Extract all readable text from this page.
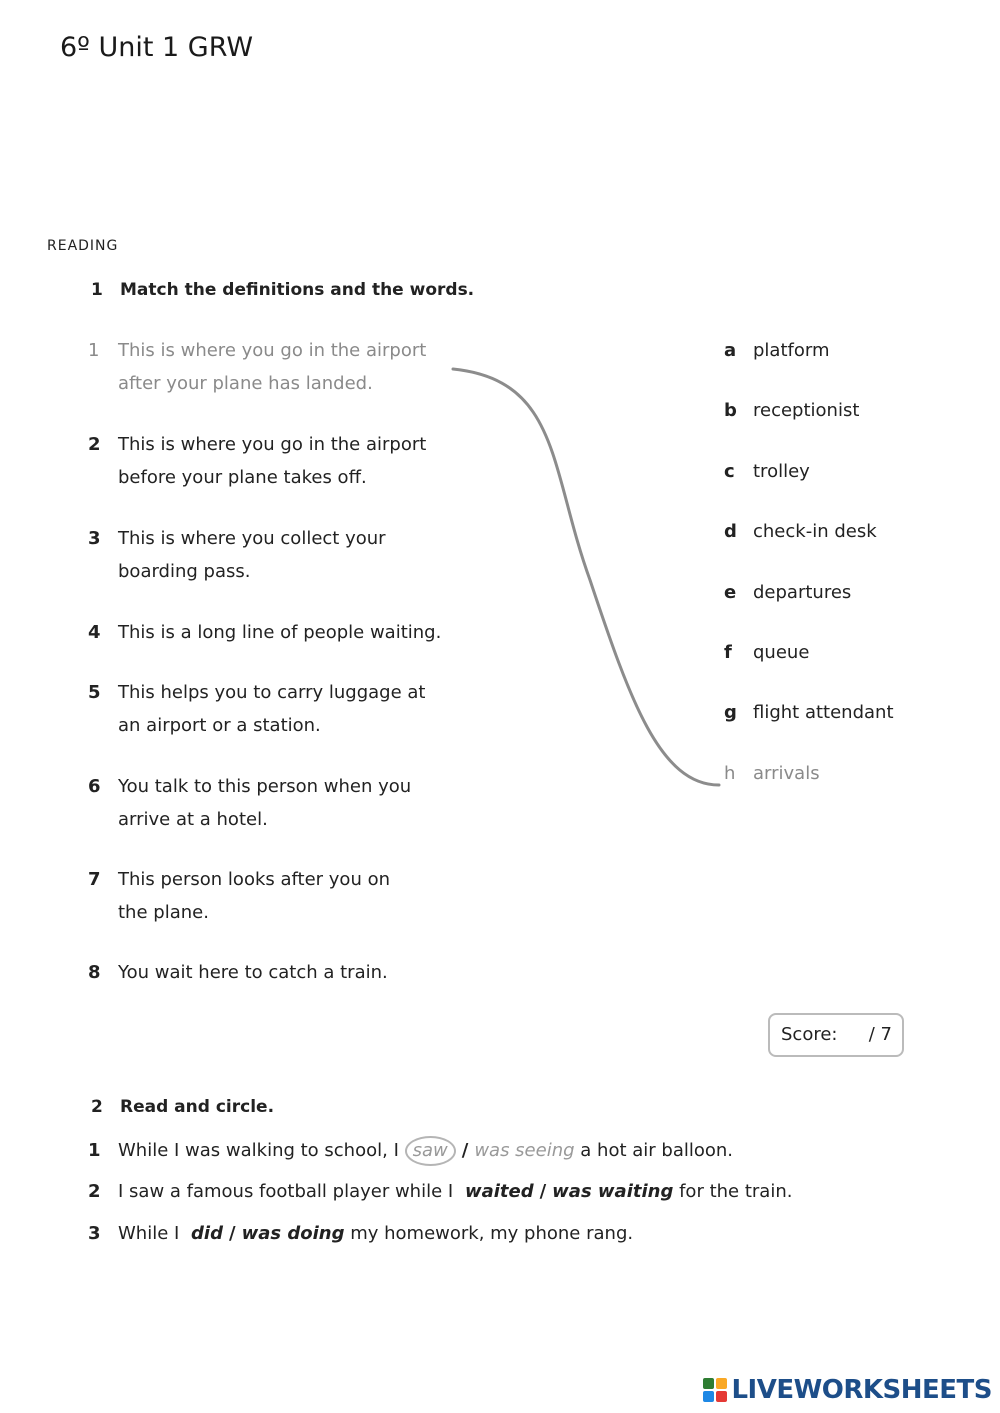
6º Unit 1 GRW
READING
1 Match the definitions and the words.
1	This is where you go in the airport after your plane has landed.
2 This is where you go in the airport before your plane takes off.
3 This is where you collect your boarding pass.
4 This is a long line of people waiting.
5 This helps you to carry luggage at an airport or a station.
6 You talk to this person when you arrive at a hotel.
7 This person looks after you on the plane.
8 You wait here to catch a train.
a platform
b receptionist
c trolley
d check-in desk
e departures
f queue
g flight attendant
h arrivals
Score: / 7
2 Read and circle.
1 While I was walking to school, I saw / was seeing a hot air balloon.
2 I saw a famous football player while I waited / was waiting for the train.
3 While I did / was doing my homework, my phone rang.
LIVEWORKSHEETS
